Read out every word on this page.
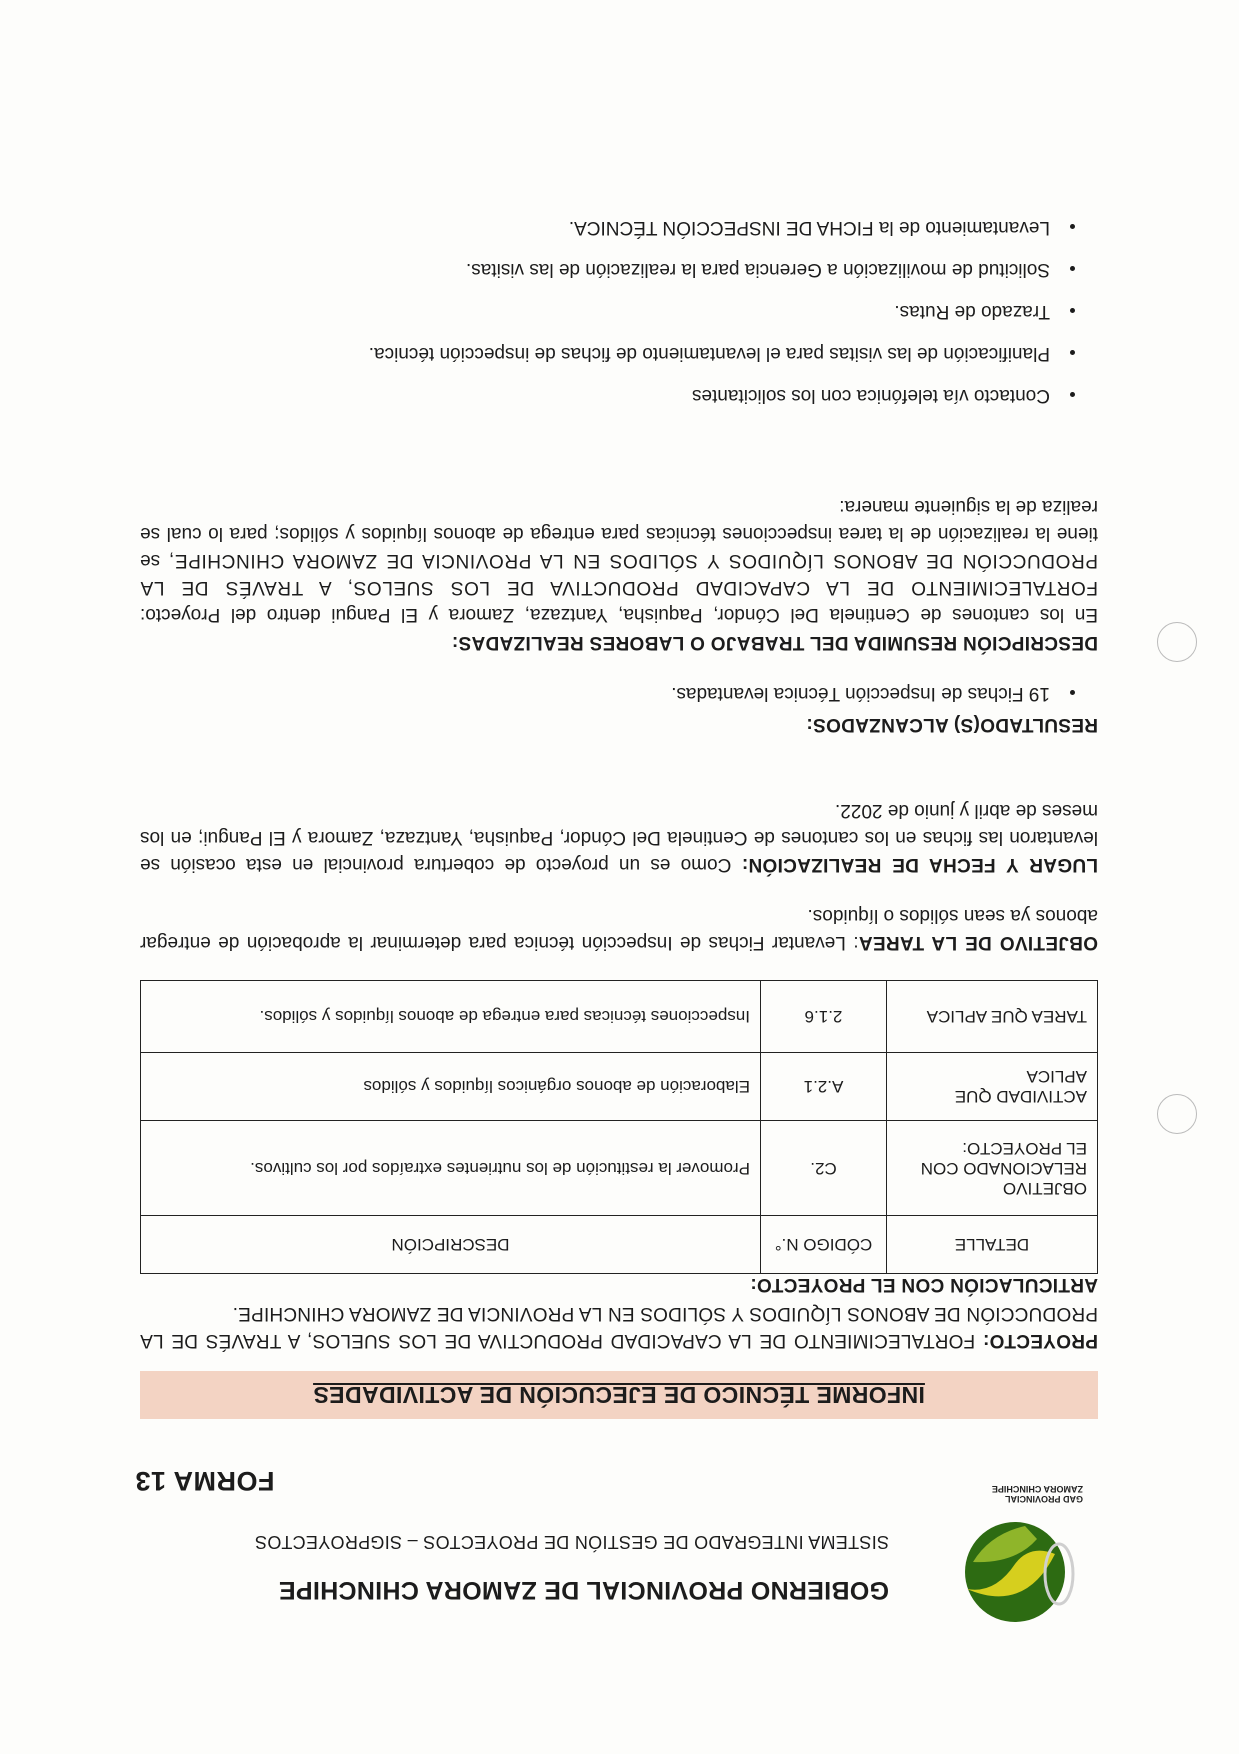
GAD PROVINCIAL
ZAMORA CHINCHIPE
GOBIERNO PROVINCIAL DE ZAMORA CHINCHIPE
SISTEMA INTEGRADO DE GESTIÓN DE PROYECTOS – SIGPROYECTOS
FORMA 13
INFORME TÉCNICO DE EJECUCIÓN DE ACTIVIDADES
PROYECTO: FORTALECIMIENTO DE LA CAPACIDAD PRODUCTIVA DE LOS SUELOS, A TRAVÉS DE LA PRODUCCIÓN DE ABONOS LÍQUIDOS Y SÓLIDOS EN LA PROVINCIA DE ZAMORA CHINCHIPE.
ARTICULACIÓN CON EL PROYECTO:
DETALLE	CÓDIGO N.°	DESCRIPCIÓN
OBJETIVO RELACIONADO CON EL PROYECTO:	C2.	Promover la restitución de los nutrientes extraídos por los cultivos.
ACTIVIDAD QUE APLICA	A.2.1	Elaboración de abonos orgánicos líquidos y sólidos
TAREA QUE APLICA	2.1.6	Inspecciones técnicas para entrega de abonos líquidos y sólidos.
OBJETIVO DE LA TAREA: Levantar Fichas de Inspección técnica para determinar la aprobación de entregar abonos ya sean sólidos o líquidos.
LUGAR Y FECHA DE REALIZACIÓN: Como es un proyecto de cobertura provincial en esta ocasión se levantaron las fichas en los cantones de Centinela Del Cóndor, Paquisha, Yantzaza, Zamora y El Pangui; en los meses de abril y junio de 2022.
RESULTADO(S) ALCANZADOS:
• 19 Fichas de Inspección Técnica levantadas.
DESCRIPCIÓN RESUMIDA DEL TRABAJO O LABORES REALIZADAS:
En los cantones de Centinela Del Cóndor, Paquisha, Yantzaza, Zamora y El Pangui dentro del Proyecto: FORTALECIMIENTO DE LA CAPACIDAD PRODUCTIVA DE LOS SUELOS, A TRAVÉS DE LA PRODUCCIÓN DE ABONOS LÍQUIDOS Y SÓLIDOS EN LA PROVINCIA DE ZAMORA CHINCHIPE, se tiene la realización de la tarea inspecciones técnicas para entrega de abonos líquidos y sólidos; para lo cual se realiza de la siguiente manera:
• Contacto vía telefónica con los solicitantes
• Planificación de las visitas para el levantamiento de fichas de inspección técnica.
• Trazado de Rutas.
• Solicitud de movilización a Gerencia para la realización de las visitas.
• Levantamiento de la FICHA DE INSPECCIÓN TÉCNICA.
